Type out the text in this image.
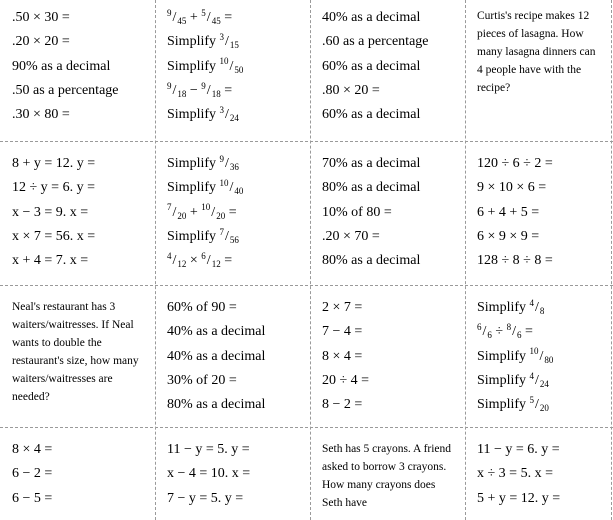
.50 × 30 =
.20 × 20 =
90% as a decimal
.50 as a percentage
.30 × 80 =
$^9/_{45} + ^5/_{45}$ =
Simplify $^3/_{15}$
Simplify $^{10}/_{50}$
$^9/_{18} - ^9/_{18}$ =
Simplify $^3/_{24}$
40% as a decimal
.60 as a percentage
60% as a decimal
.80 × 20 =
60% as a decimal
Curtis's recipe makes 12 pieces of lasagna. How many lasagna dinners can 4 people have with the recipe?
8 + y = 12. y =
12 ÷ y = 6. y =
x − 3 = 9. x =
x × 7 = 56. x =
x + 4 = 7. x =
Simplify $^9/_{36}$
Simplify $^{10}/_{40}$
$^7/_{20} + ^{10}/_{20}$ =
Simplify $^7/_{56}$
$^4/_{12} \times ^6/_{12}$ =
70% as a decimal
80% as a decimal
10% of 80 =
.20 × 70 =
80% as a decimal
120 ÷ 6 ÷ 2 =
9 × 10 × 6 =
6 + 4 + 5 =
6 × 9 × 9 =
128 ÷ 8 ÷ 8 =
Neal's restaurant has 3 waiters/waitresses. If Neal wants to double the restaurant's size, how many waiters/waitresses are needed?
60% of 90 =
40% as a decimal
40% as a decimal
30% of 20 =
80% as a decimal
2 × 7 =
7 − 4 =
8 × 4 =
20 ÷ 4 =
8 − 2 =
Simplify $^4/_8$
$^6/_6 \div ^8/_6$ =
Simplify $^{10}/_{80}$
Simplify $^4/_{24}$
Simplify $^5/_{20}$
8 × 4 =
6 − 2 =
6 − 5 =
11 − y = 5. y =
x − 4 = 10. x =
7 − y = 5. y =
Seth has 5 crayons. A friend asked to borrow 3 crayons. How many crayons does Seth have
11 − y = 6. y =
x ÷ 3 = 5. x =
5 + y = 12. y =
